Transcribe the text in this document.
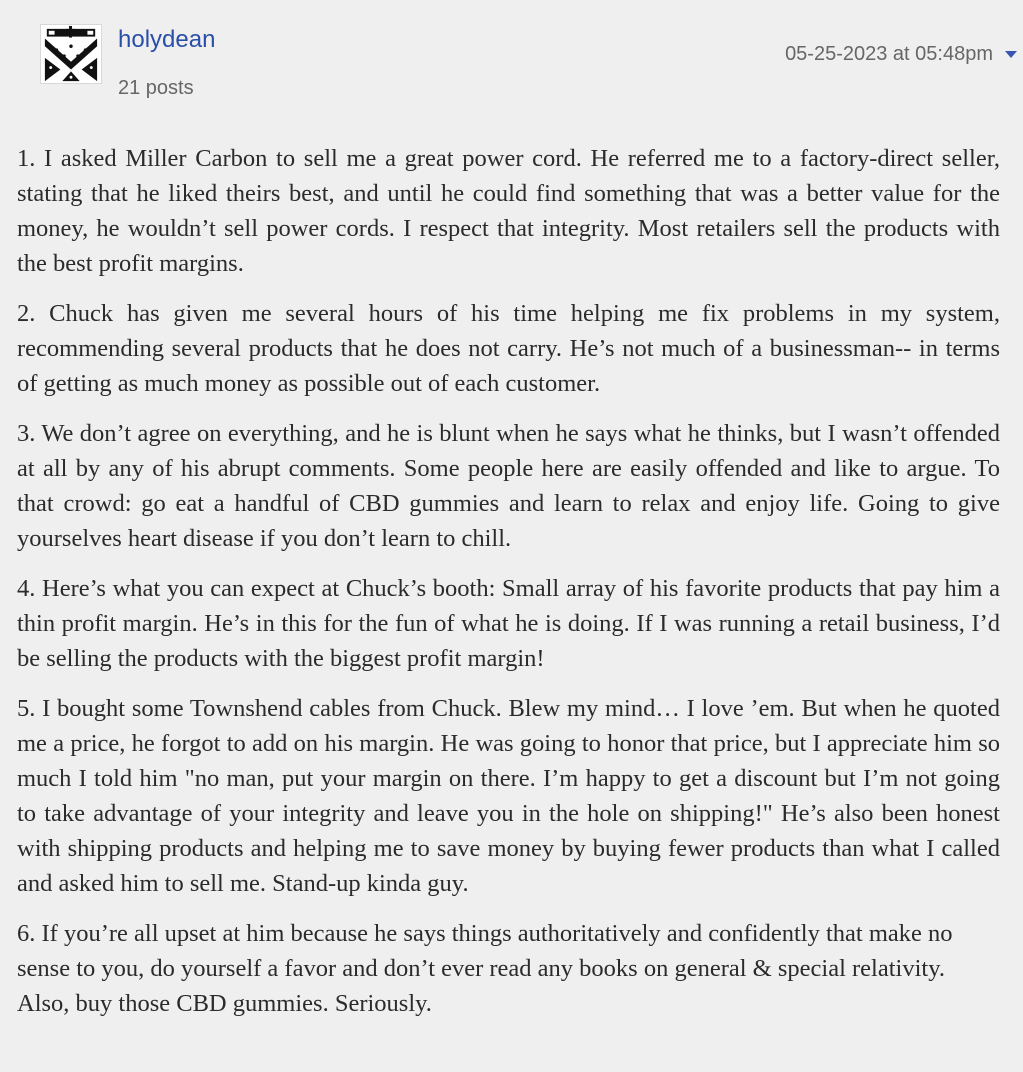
holydean
21 posts
05-25-2023 at 05:48pm

1. I asked Miller Carbon to sell me a great power cord. He referred me to a factory-direct seller, stating that he liked theirs best, and until he could find something that was a better value for the money, he wouldn’t sell power cords. I respect that integrity. Most retailers sell the products with the best profit margins.

2. Chuck has given me several hours of his time helping me fix problems in my system, recommending several products that he does not carry. He’s not much of a businessman-- in terms of getting as much money as possible out of each customer.

3. We don’t agree on everything, and he is blunt when he says what he thinks, but I wasn’t offended at all by any of his abrupt comments. Some people here are easily offended and like to argue. To that crowd: go eat a handful of CBD gummies and learn to relax and enjoy life. Going to give yourselves heart disease if you don’t learn to chill.

4. Here’s what you can expect at Chuck’s booth: Small array of his favorite products that pay him a thin profit margin. He’s in this for the fun of what he is doing. If I was running a retail business, I’d be selling the products with the biggest profit margin!

5. I bought some Townshend cables from Chuck. Blew my mind… I love ’em. But when he quoted me a price, he forgot to add on his margin. He was going to honor that price, but I appreciate him so much I told him "no man, put your margin on there. I’m happy to get a discount but I’m not going to take advantage of your integrity and leave you in the hole on shipping!" He’s also been honest with shipping products and helping me to save money by buying fewer products than what I called and asked him to sell me. Stand-up kinda guy.

6. If you’re all upset at him because he says things authoritatively and confidently that make no sense to you, do yourself a favor and don’t ever read any books on general & special relativity. Also, buy those CBD gummies. Seriously.
